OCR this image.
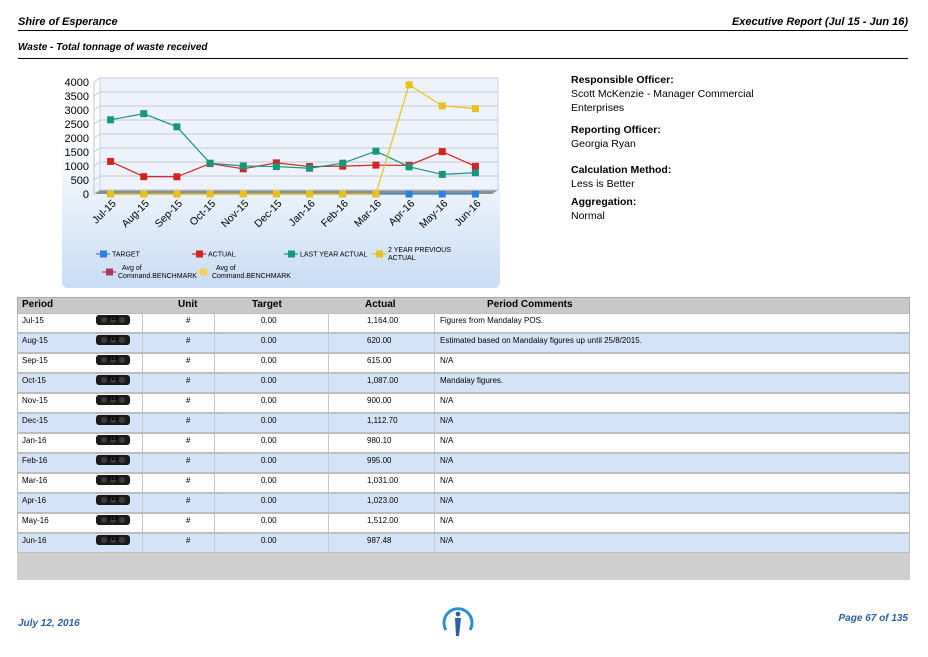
Shire of Esperance	Executive Report (Jul 15 - Jun 16)
Waste - Total tonnage of waste received
0
500
1000
1500
2000
2500
3000
3500
4000
Jul-15 Aug-15 Sep-15 Oct-15 Nov-15 Dec-15 Jan-16 Feb-16 Mar-16 Apr-16 May-16 Jun-16
TARGET	ACTUAL	LAST YEAR ACTUAL
2 YEAR PREVIOUS ACTUAL
Avg of Command.BENCHMARK
Avg of Command.BENCHMARK
Responsible Officer:
Scott McKenzie - Manager Commercial Enterprises
Reporting Officer:
Georgia Ryan
Calculation Method:
Less is Better
Aggregation:
Normal
Period	Unit	Target	Actual	Period Comments
Jul-15	RED	#	0.00	1,164.00	Figures from Mandalay POS.
Aug-15	RED	#	0.00	620.00	Estimated based on Mandalay figures up until 25/8/2015.
Sep-15	RED	#	0.00	615.00	N/A
Oct-15	RED	#	0.00	1,087.00	Mandalay figures.
Nov-15	RED	#	0.00	900.00	N/A
Dec-15	RED	#	0.00	1,112.70	N/A
Jan-16	RED	#	0.00	980.10	N/A
Feb-16	RED	#	0.00	995.00	N/A
Mar-16	RED	#	0.00	1,031.00	N/A
Apr-16	RED	#	0.00	1,023.00	N/A
May-16	RED	#	0.00	1,512.00	N/A
Jun-16	RED	#	0.00	987.48	N/A
July 12, 2016	Page 67 of 135
